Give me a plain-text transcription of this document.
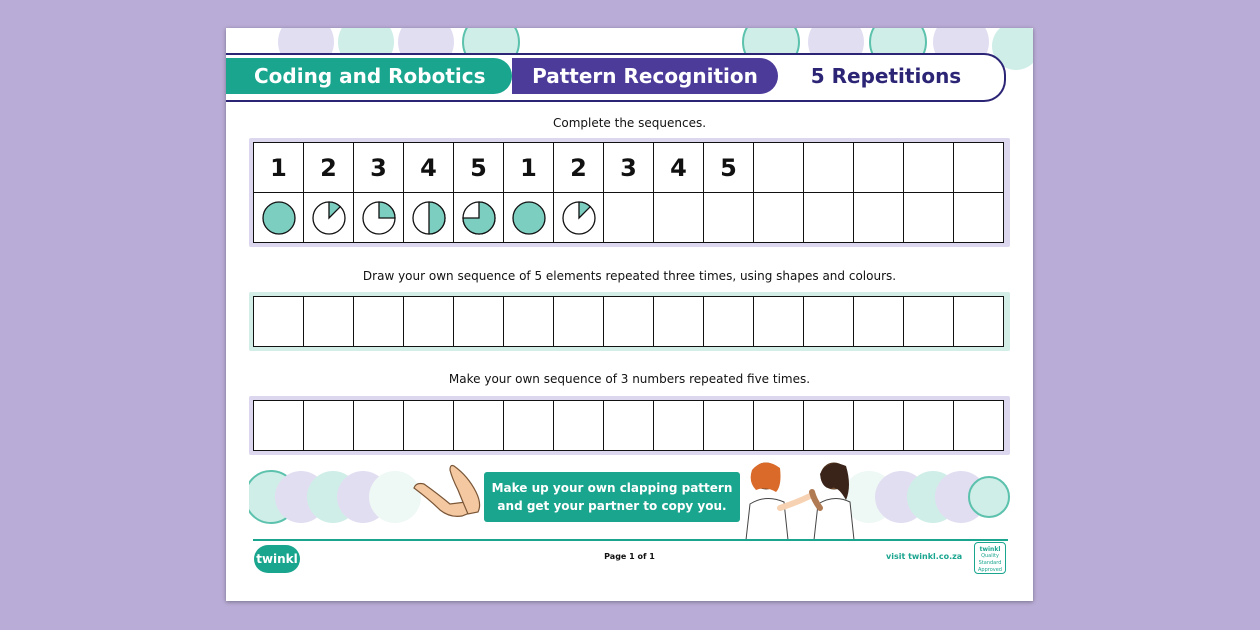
Coding and Robotics	Pattern Recognition	5 Repetitions
Complete the sequences.
1	2	3	4	5	1	2	3	4	5
Draw your own sequence of 5 elements repeated three times, using shapes and colours.
Make your own sequence of 3 numbers repeated five times.
Make up your own clapping pattern
and get your partner to copy you.
twinkl	Page 1 of 1	visit twinkl.co.za
twinkl
Quality Standard Approved
